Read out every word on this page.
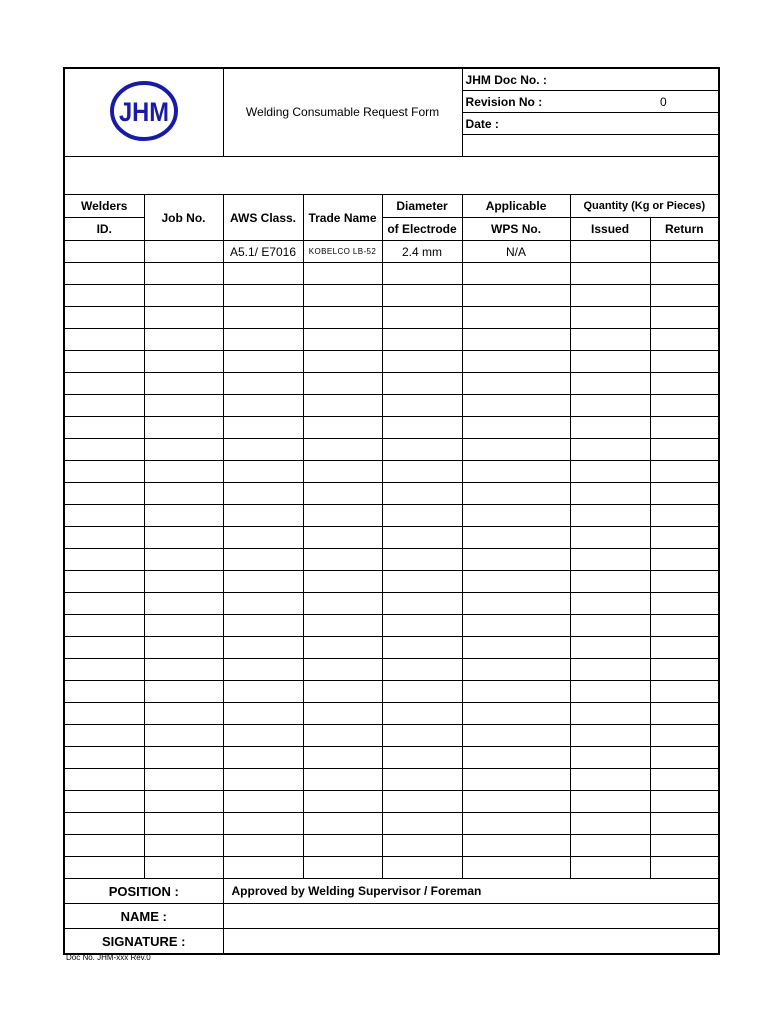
JHM		Welding Consumable Request Form			JHM Doc No. :		
					Revision No : 0		

					Date :		

Welders	Job No.	AWS Class.	Trade Name	Diameter	Applicable	Quantity (Kg or Pieces)	
ID.				of Electrode	WPS No.	Issued	Return
		A5.1/ E7016	KOBELCO LB-52	2.4 mm	N/A		

POSITION :		Approved by Welding Supervisor / Foreman					
NAME :							
SIGNATURE :							
Doc No. JHM-xxx Rev.0
